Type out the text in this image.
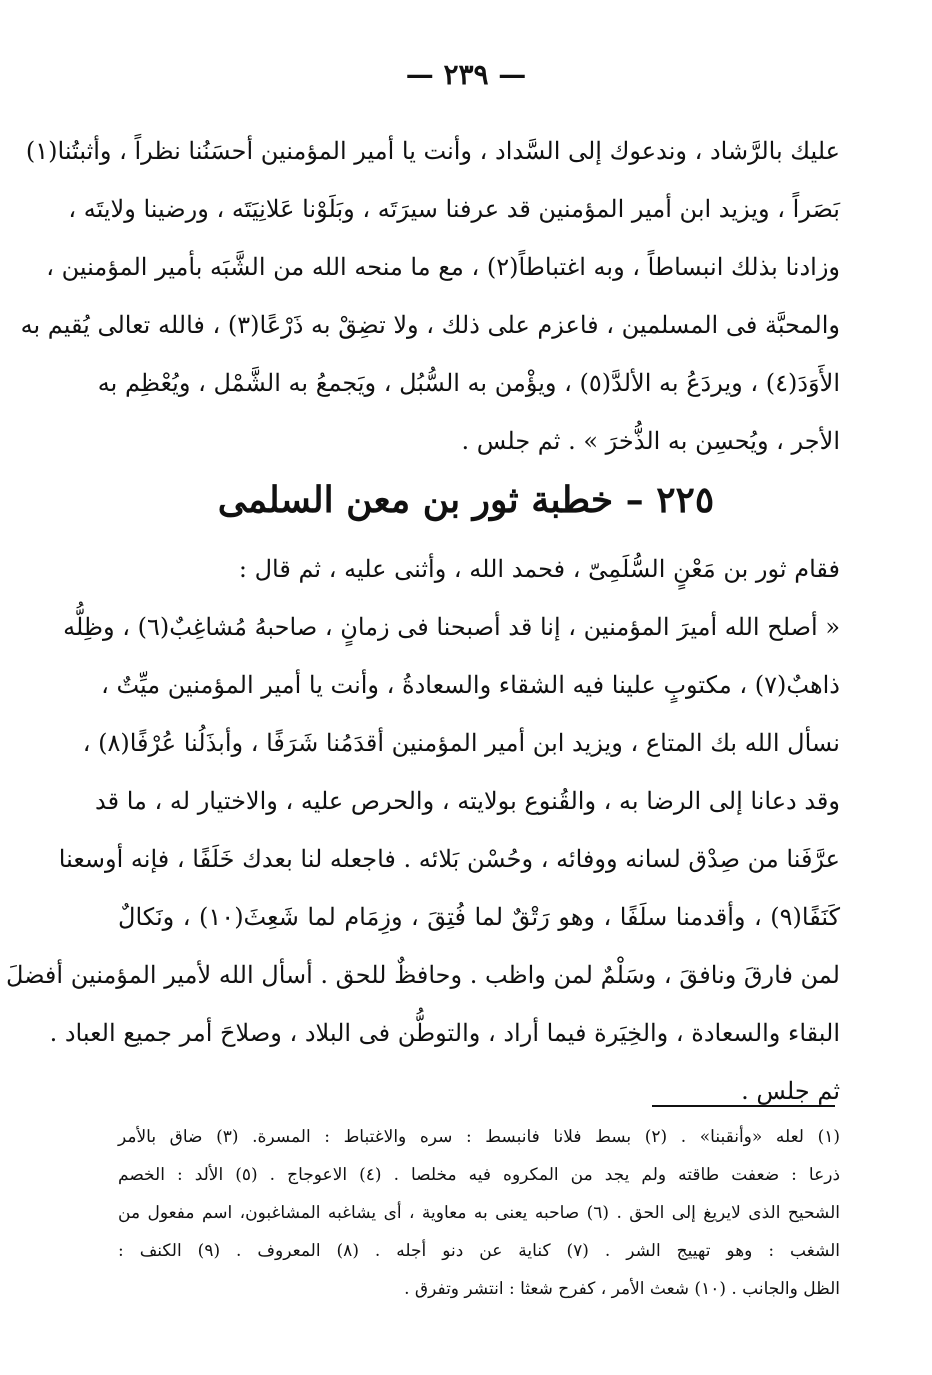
— ٢٣٩ —
عليك بالرَّشاد ، وندعوك إلى السَّداد ، وأنت يا أمير المؤمنين أحسَنُنا نظراً ، وأثبتُنا(١)
بَصَراً ، ويزيد ابن أمير المؤمنين قد عرفنا سيرَتَه ، وبَلَوْنا عَلانِيَتَه ، ورضينا ولايتَه ،
وزادنا بذلك انبساطاً ، وبه اغتباطاً(٢) ، مع ما منحه الله من الشَّبَه بأمير المؤمنين ،
والمحبَّة فى المسلمين ، فاعزم على ذلك ، ولا تضِقْ به ذَرْعًا(٣) ، فالله تعالى يُقيم به
الأَوَدَ(٤) ، ويردَعُ به الألدَّ(٥) ، ويؤْمن به السُّبُل ، ويَجمعُ به الشَّمْل ، ويُعْظِم به
الأجر ، ويُحسِن به الذُّخرَ » . ثم جلس .
٢٢٥ – خطبة ثور بن معن السلمى
فقام ثور بن مَعْنٍ السُّلَمِىّ ، فحمد الله ، وأثنى عليه ، ثم قال :
« أصلح الله أميرَ المؤمنين ، إنا قد أصبحنا فى زمانٍ ، صاحبهُ مُشاغِبٌ(٦) ، وظِلُّه
ذاهبٌ(٧) ، مكتوبٍ علينا فيه الشقاء والسعادةُ ، وأنت يا أمير المؤمنين ميِّتٌ ،
نسأل الله بك المتاع ، ويزيد ابن أمير المؤمنين أقدَمُنا شَرَفًا ، وأبذَلُنا عُرْفًا(٨) ،
وقد دعانا إلى الرضا به ، والقُنوع بولايته ، والحرص عليه ، والاختيار له ، ما قد
عرَّفَنا من صِدْق لسانه ووفائه ، وحُسْن بَلائه . فاجعله لنا بعدك خَلَفًا ، فإنه أوسعنا
كَنَفًا(٩) ، وأقدمنا سلَفًا ، وهو رَتْقٌ لما فُتِقَ ، وزِمَام لما شَعِثَ(١٠) ، ونَكالٌ
لمن فارقَ ونافقَ ، وسَلْمٌ لمن واظب . وحافظٌ للحق . أسأل الله لأمير المؤمنين أفضلَ
البقاء والسعادة ، والخِيَرة فيما أراد ، والتوطُّن فى البلاد ، وصلاحَ أمر جميع العباد .
ثم جلس .
(١) لعله «وأنقبنا» . (٢) بسط فلانا فانبسط : سره والاغتباط : المسرة. (٣) ضاق بالأمر
ذرعا : ضعفت طاقته ولم يجد من المكروه فيه مخلصا . (٤) الاعوجاج . (٥) الألد : الخصم
الشحيح الذى لايريغ إلى الحق . (٦) صاحبه يعنى به معاوية ، أى يشاغبه المشاغبون، اسم مفعول من
الشغب : وهو تهييج الشر . (٧) كناية عن دنو أجله . (٨) المعروف . (٩) الكنف :
الظل والجانب . (١٠) شعث الأمر ، كفرح شعثا : انتشر وتفرق .
